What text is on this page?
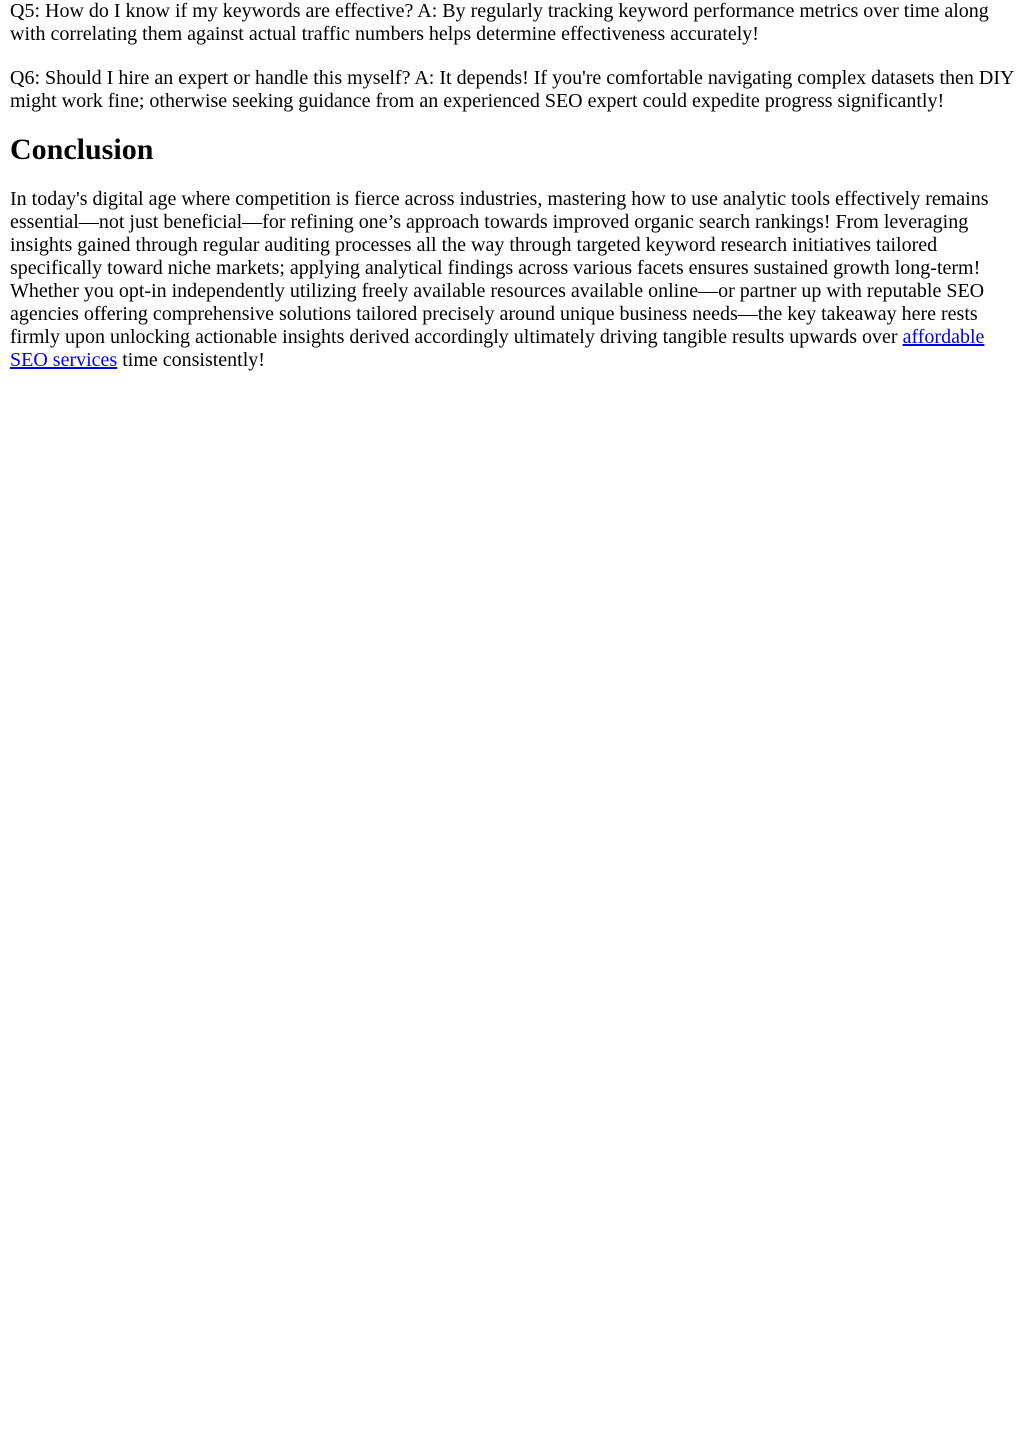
Q5: How do I know if my keywords are effective? A: By regularly tracking keyword performance metrics over time along with correlating them against actual traffic numbers helps determine effectiveness accurately!

Q6: Should I hire an expert or handle this myself? A: It depends! If you're comfortable navigating complex datasets then DIY might work fine; otherwise seeking guidance from an experienced SEO expert could expedite progress significantly!

Conclusion

In today's digital age where competition is fierce across industries, mastering how to use analytic tools effectively remains essential—not just beneficial—for refining one’s approach towards improved organic search rankings! From leveraging insights gained through regular auditing processes all the way through targeted keyword research initiatives tailored specifically toward niche markets; applying analytical findings across various facets ensures sustained growth long-term! Whether you opt-in independently utilizing freely available resources available online—or partner up with reputable SEO agencies offering comprehensive solutions tailored precisely around unique business needs—the key takeaway here rests firmly upon unlocking actionable insights derived accordingly ultimately driving tangible results upwards over affordable SEO services time consistently!
